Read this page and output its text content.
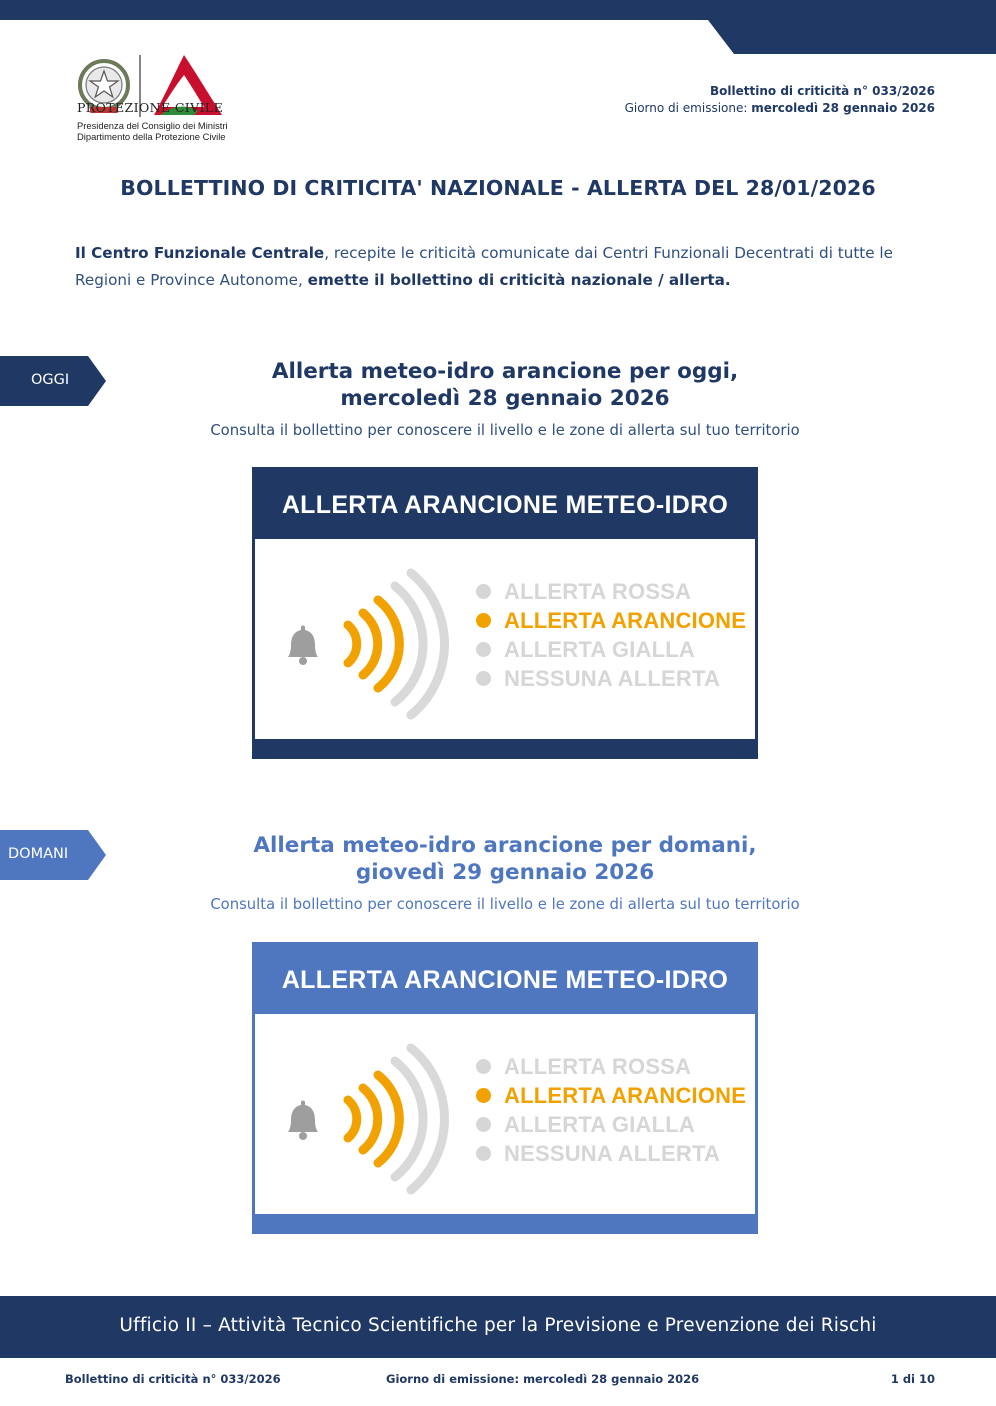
PROTEZIONE CIVILE
Presidenza del Consiglio dei Ministri
Dipartimento della Protezione Civile
Bollettino di criticità n° 033/2026
Giorno di emissione: mercoledì 28 gennaio 2026
BOLLETTINO DI CRITICITA' NAZIONALE - ALLERTA DEL 28/01/2026
Il Centro Funzionale Centrale, recepite le criticità comunicate dai Centri Funzionali Decentrati di tutte le Regioni e Province Autonome, emette il bollettino di criticità nazionale / allerta.
OGGI	Allerta meteo-idro arancione per oggi,
mercoledì 28 gennaio 2026
Consulta il bollettino per conoscere il livello e le zone di allerta sul tuo territorio
ALLERTA ARANCIONE METEO-IDRO
ALLERTA ROSSA
ALLERTA ARANCIONE
ALLERTA GIALLA
NESSUNA ALLERTA
DOMANI	Allerta meteo-idro arancione per domani,
giovedì 29 gennaio 2026
Consulta il bollettino per conoscere il livello e le zone di allerta sul tuo territorio
ALLERTA ARANCIONE METEO-IDRO
ALLERTA ROSSA
ALLERTA ARANCIONE
ALLERTA GIALLA
NESSUNA ALLERTA
Ufficio II – Attività Tecnico Scientifiche per la Previsione e Prevenzione dei Rischi
Bollettino di criticità n° 033/2026	Giorno di emissione: mercoledì 28 gennaio 2026	1 di 10
